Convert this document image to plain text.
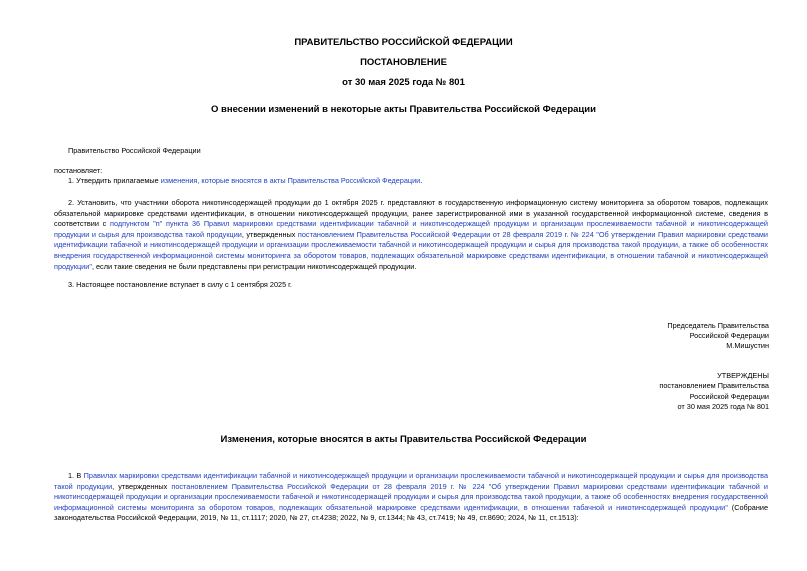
ПРАВИТЕЛЬСТВО РОССИЙСКОЙ ФЕДЕРАЦИИ
ПОСТАНОВЛЕНИЕ
от 30 мая 2025 года № 801
О внесении изменений в некоторые акты Правительства Российской Федерации
Правительство Российской Федерации
постановляет:
1. Утвердить прилагаемые изменения, которые вносятся в акты Правительства Российской Федерации.
2. Установить, что участники оборота никотинсодержащей продукции до 1 октября 2025 г. представляют в государственную информационную систему мониторинга за оборотом товаров, подлежащих обязательной маркировке средствами идентификации, в отношении никотинсодержащей продукции, ранее зарегистрированной ими в указанной государственной информационной системе, сведения в соответствии с подпунктом "п" пункта 36 Правил маркировки средствами идентификации табачной и никотинсодержащей продукции и организации прослеживаемости табачной и никотинсодержащей продукции и сырья для производства такой продукции, утвержденных постановлением Правительства Российской Федерации от 28 февраля 2019 г. № 224 "Об утверждении Правил маркировки средствами идентификации табачной и никотинсодержащей продукции и организации прослеживаемости табачной и никотинсодержащей продукции и сырья для производства такой продукции, а также об особенностях внедрения государственной информационной системы мониторинга за оборотом товаров, подлежащих обязательной маркировке средствами идентификации, в отношении табачной и никотинсодержащей продукции", если такие сведения не были представлены при регистрации никотинсодержащей продукции.
3. Настоящее постановление вступает в силу с 1 сентября 2025 г.
Председатель Правительства
Российской Федерации
М.Мишустин
УТВЕРЖДЕНЫ
постановлением Правительства
Российской Федерации
от 30 мая 2025 года № 801
Изменения, которые вносятся в акты Правительства Российской Федерации
1. В Правилах маркировки средствами идентификации табачной и никотинсодержащей продукции и организации прослеживаемости табачной и никотинсодержащей продукции и сырья для производства такой продукции, утвержденных постановлением Правительства Российской Федерации от 28 февраля 2019 г. № 224 "Об утверждении Правил маркировки средствами идентификации табачной и никотинсодержащей продукции и организации прослеживаемости табачной и никотинсодержащей продукции и сырья для производства такой продукции, а также об особенностях внедрения государственной информационной системы мониторинга за оборотом товаров, подлежащих обязательной маркировке средствами идентификации, в отношении табачной и никотинсодержащей продукции" (Собрание законодательства Российской Федерации, 2019, № 11, ст.1117; 2020, № 27, ст.4238; 2022, № 9, ст.1344; № 43, ст.7419; № 49, ст.8690; 2024, № 11, ст.1513):
